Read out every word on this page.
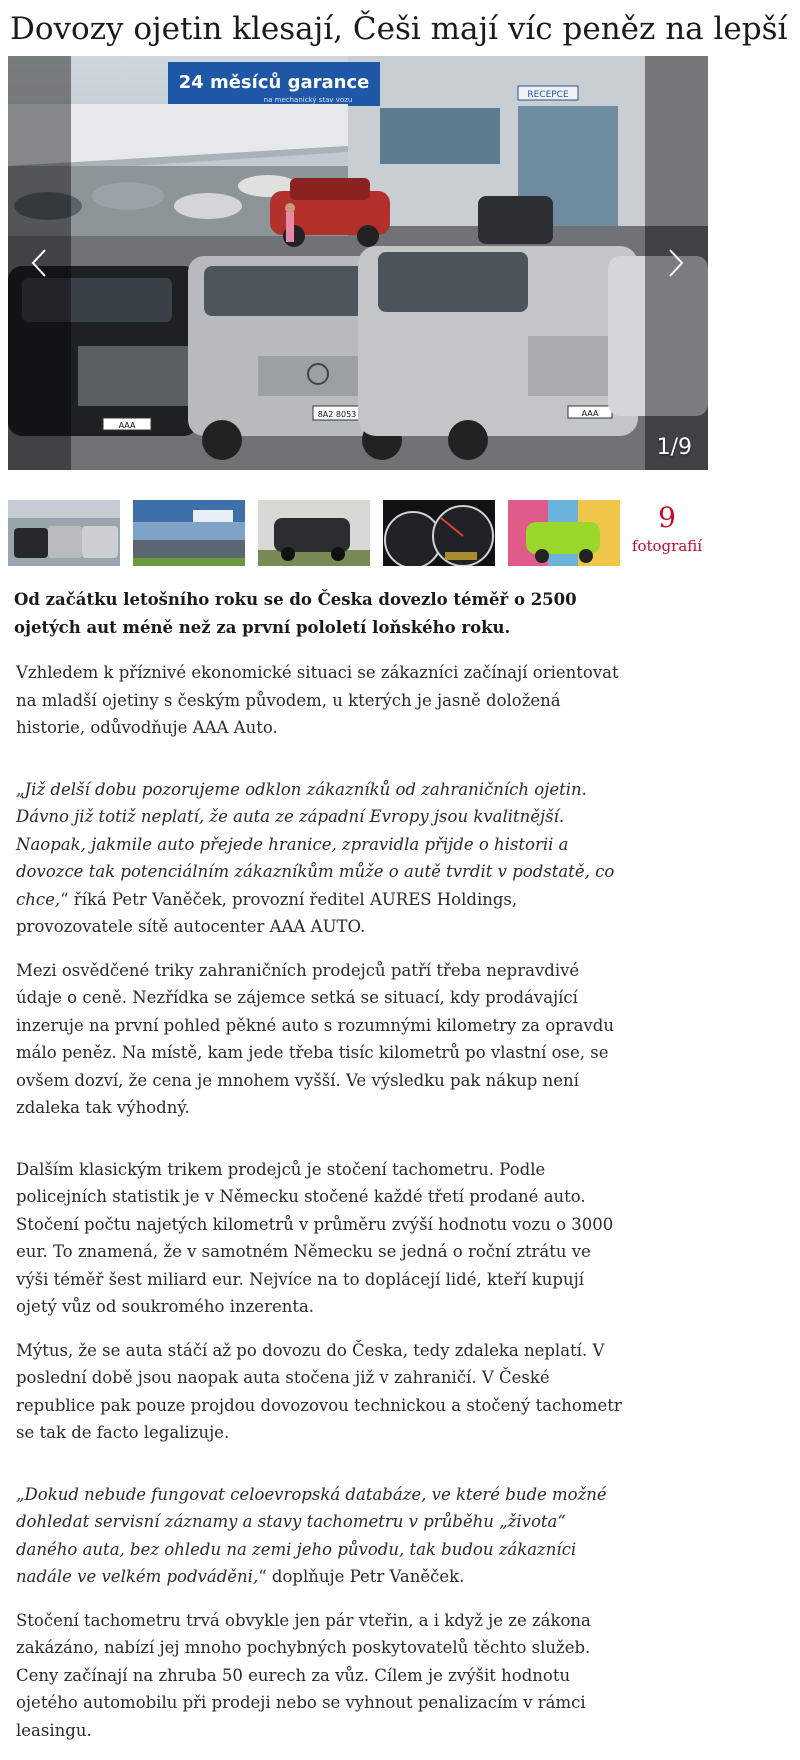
Dovozy ojetin klesají, Češi mají víc peněz na lepší
RECEPCE
24 měsíců garance
na mechanický stav vozu
AAA
8A2 8053	AAA
1/9
9
fotografií

Od začátku letošního roku se do Česka dovezlo téměř o 2500 ojetých aut méně než za první pololetí loňského roku.

Vzhledem k příznivé ekonomické situaci se zákazníci začínají orientovat na mladší ojetiny s českým původem, u kterých je jasně doložená historie, odůvodňuje AAA Auto.

„Již delší dobu pozorujeme odklon zákazníků od zahraničních ojetin. Dávno již totiž neplatí, že auta ze západní Evropy jsou kvalitnější. Naopak, jakmile auto přejede hranice, zpravidla přijde o historii a dovozce tak potenciálním zákazníkům může o autě tvrdit v podstatě, co chce,“ říká Petr Vaněček, provozní ředitel AURES Holdings, provozovatele sítě autocenter AAA AUTO.

Mezi osvědčené triky zahraničních prodejců patří třeba nepravdivé údaje o ceně. Nezřídka se zájemce setká se situací, kdy prodávající inzeruje na první pohled pěkné auto s rozumnými kilometry za opravdu málo peněz. Na místě, kam jede třeba tisíc kilometrů po vlastní ose, se ovšem dozví, že cena je mnohem vyšší. Ve výsledku pak nákup není zdaleka tak výhodný.

Dalším klasickým trikem prodejců je stočení tachometru. Podle policejních statistik je v Německu stočené každé třetí prodané auto. Stočení počtu najetých kilometrů v průměru zvýší hodnotu vozu o 3000 eur. To znamená, že v samotném Německu se jedná o roční ztrátu ve výši téměř šest miliard eur. Nejvíce na to doplácejí lidé, kteří kupují ojetý vůz od soukromého inzerenta.

Mýtus, že se auta stáčí až po dovozu do Česka, tedy zdaleka neplatí. V poslední době jsou naopak auta stočena již v zahraničí. V České republice pak pouze projdou dovozovou technickou a stočený tachometr se tak de facto legalizuje.

„Dokud nebude fungovat celoevropská databáze, ve které bude možné dohledat servisní záznamy a stavy tachometru v průběhu „života“ daného auta, bez ohledu na zemi jeho původu, tak budou zákazníci nadále ve velkém podváděni,“ doplňuje Petr Vaněček.

Stočení tachometru trvá obvykle jen pár vteřin, a i když je ze zákona zakázáno, nabízí jej mnoho pochybných poskytovatelů těchto služeb. Ceny začínají na zhruba 50 eurech za vůz. Cílem je zvýšit hodnotu ojetého automobilu při prodeji nebo se vyhnout penalizacím v rámci leasingu.
